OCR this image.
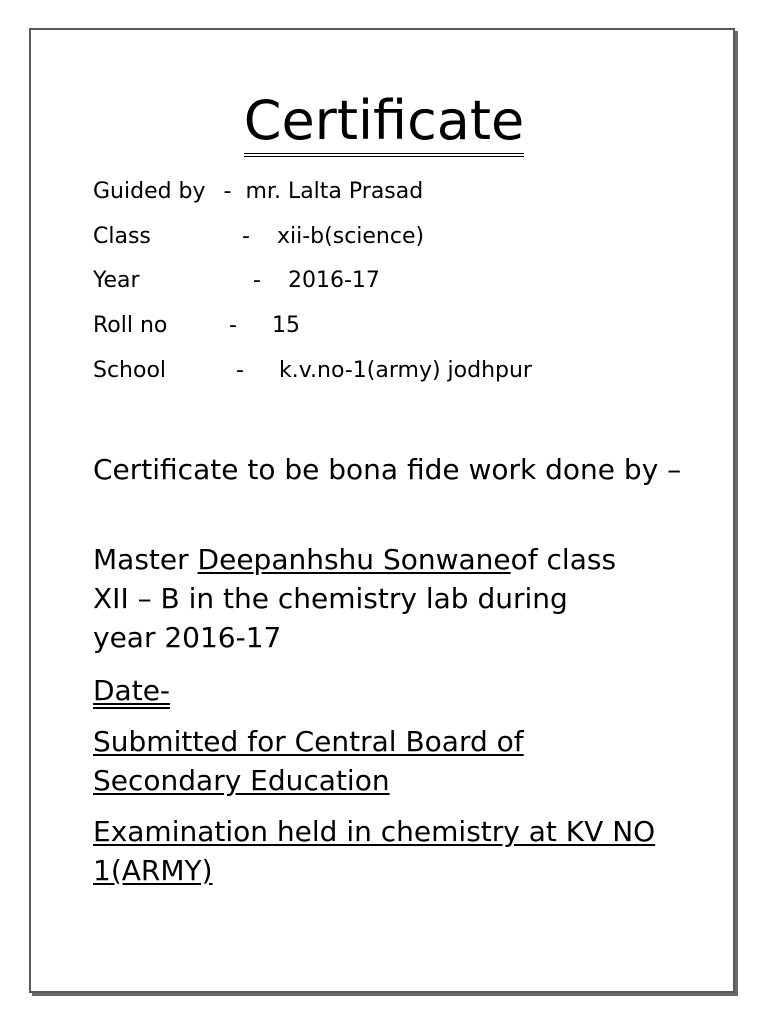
Certificate
Guided by - mr. Lalta Prasad
Class	- xii-b(science)
Year	- 2016-17
Roll no	- 15
School	- k.v.no-1(army) jodhpur
Certificate to be bona fide work done by –
Master Deepanhshu Sonwaneof class XII – B in the chemistry lab during year 2016-17
Date-
Submitted for Central Board of Secondary Education
Examination held in chemistry at KV NO 1(ARMY)
